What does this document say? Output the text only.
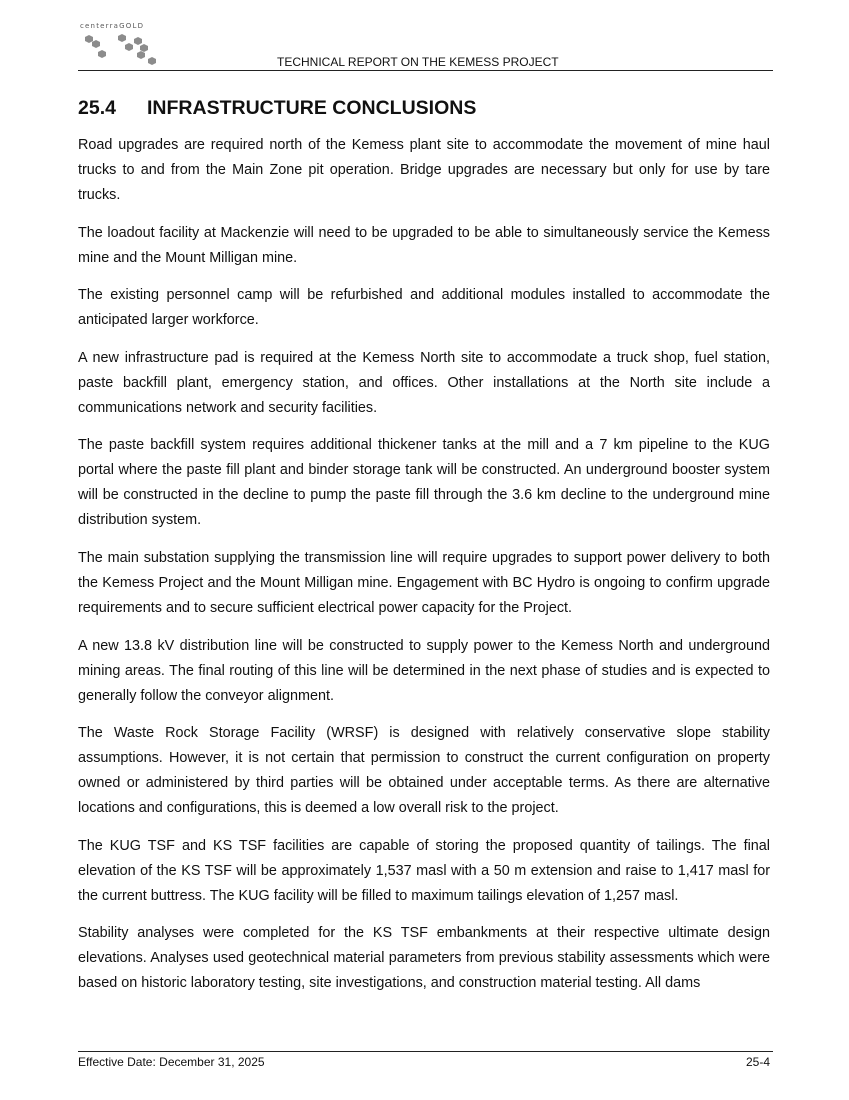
centerraGOLD
TECHNICAL REPORT ON THE KEMESS PROJECT
25.4 INFRASTRUCTURE CONCLUSIONS

Road upgrades are required north of the Kemess plant site to accommodate the movement of mine haul trucks to and from the Main Zone pit operation. Bridge upgrades are necessary but only for use by tare trucks.

The loadout facility at Mackenzie will need to be upgraded to be able to simultaneously service the Kemess mine and the Mount Milligan mine.

The existing personnel camp will be refurbished and additional modules installed to accommodate the anticipated larger workforce.

A new infrastructure pad is required at the Kemess North site to accommodate a truck shop, fuel station, paste backfill plant, emergency station, and offices. Other installations at the North site include a communications network and security facilities.

The paste backfill system requires additional thickener tanks at the mill and a 7 km pipeline to the KUG portal where the paste fill plant and binder storage tank will be constructed. An underground booster system will be constructed in the decline to pump the paste fill through the 3.6 km decline to the underground mine distribution system.

The main substation supplying the transmission line will require upgrades to support power delivery to both the Kemess Project and the Mount Milligan mine. Engagement with BC Hydro is ongoing to confirm upgrade requirements and to secure sufficient electrical power capacity for the Project.

A new 13.8 kV distribution line will be constructed to supply power to the Kemess North and underground mining areas. The final routing of this line will be determined in the next phase of studies and is expected to generally follow the conveyor alignment.

The Waste Rock Storage Facility (WRSF) is designed with relatively conservative slope stability assumptions. However, it is not certain that permission to construct the current configuration on property owned or administered by third parties will be obtained under acceptable terms. As there are alternative locations and configurations, this is deemed a low overall risk to the project.

The KUG TSF and KS TSF facilities are capable of storing the proposed quantity of tailings. The final elevation of the KS TSF will be approximately 1,537 masl with a 50 m extension and raise to 1,417 masl for the current buttress. The KUG facility will be filled to maximum tailings elevation of 1,257 masl.

Stability analyses were completed for the KS TSF embankments at their respective ultimate design elevations. Analyses used geotechnical material parameters from previous stability assessments which were based on historic laboratory testing, site investigations, and construction material testing. All dams

Effective Date: December 31, 2025	25-4
